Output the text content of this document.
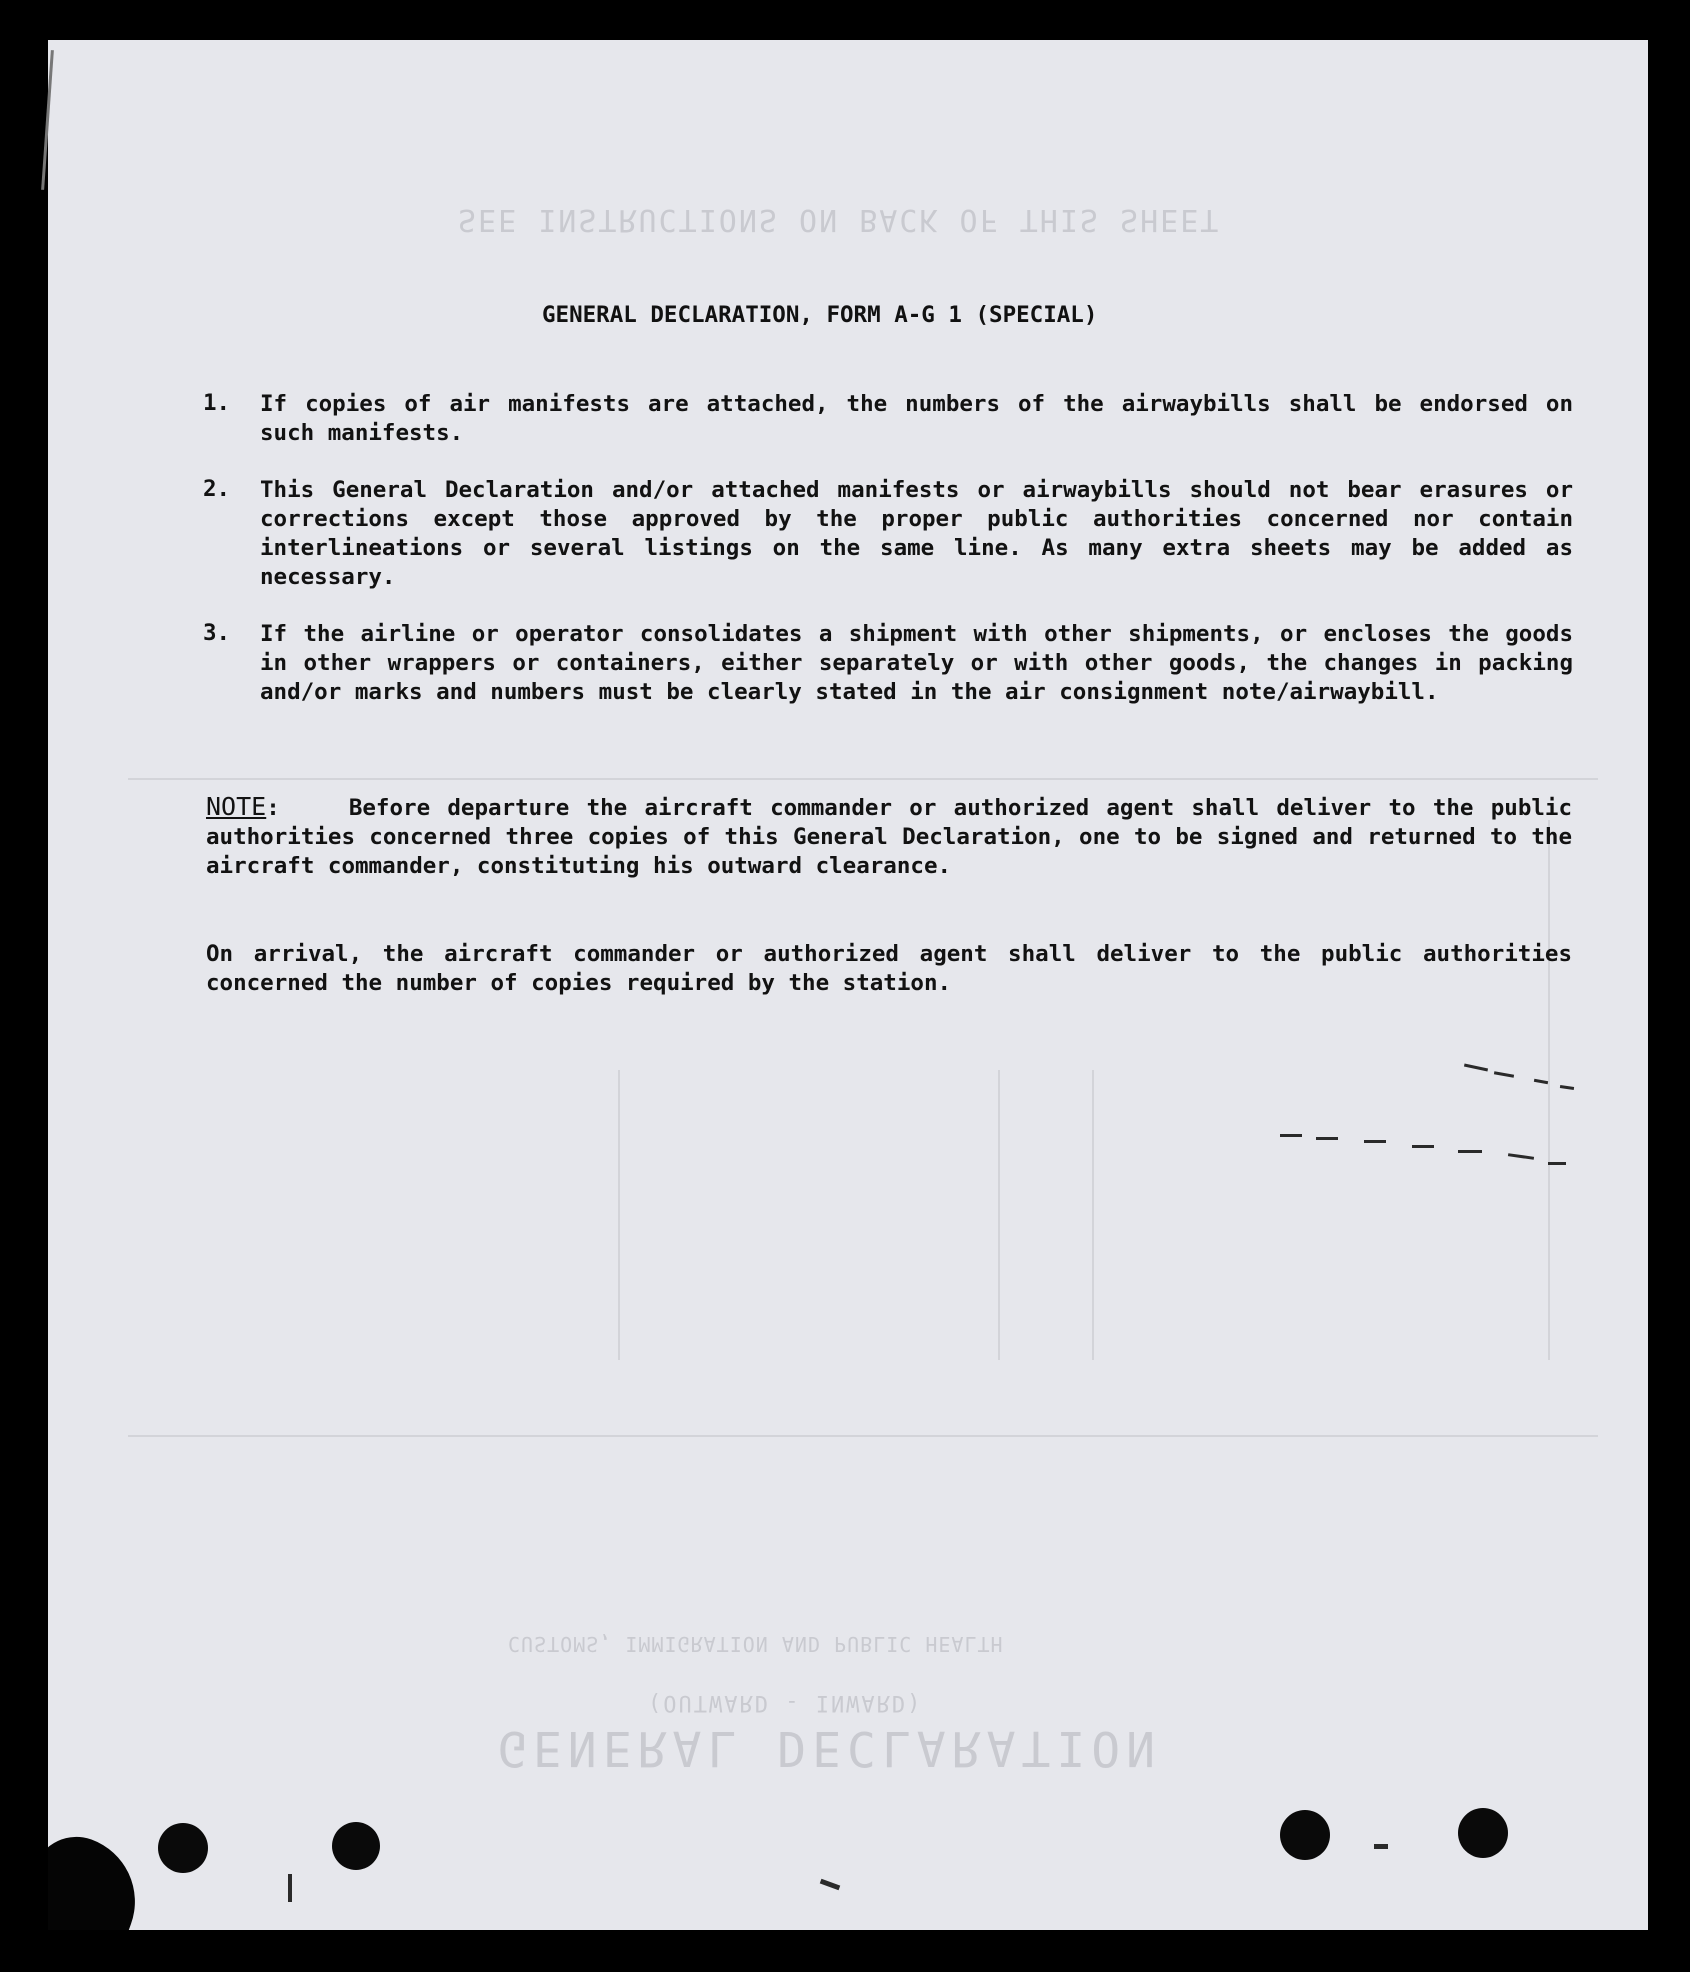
SEE INSTRUCTIONS ON BACK OF THIS SHEET
CUSTOMS, IMMIGRATION AND PUBLIC HEALTH
(OUTWARD - INWARD)
GENERAL DECLARATION
GENERAL DECLARATION, FORM A-G 1 (SPECIAL)
1. If copies of air manifests are attached, the numbers of the airwaybills shall be endorsed on such manifests.
2. This General Declaration and/or attached manifests or airwaybills should not bear erasures or corrections except those approved by the proper public authorities concerned nor contain interlineations or several listings on the same line. As many extra sheets may be added as necessary.
3. If the airline or operator consolidates a shipment with other shipments, or encloses the goods in other wrappers or containers, either separately or with other goods, the changes in packing and/or marks and numbers must be clearly stated in the air consignment note/airwaybill.
NOTE:    Before departure the aircraft commander or authorized agent shall deliver to the public authorities concerned three copies of this General Declaration, one to be signed and returned to the aircraft commander, constituting his outward clearance.
On arrival, the aircraft commander or authorized agent shall deliver to the public authorities concerned the number of copies required by the station.
